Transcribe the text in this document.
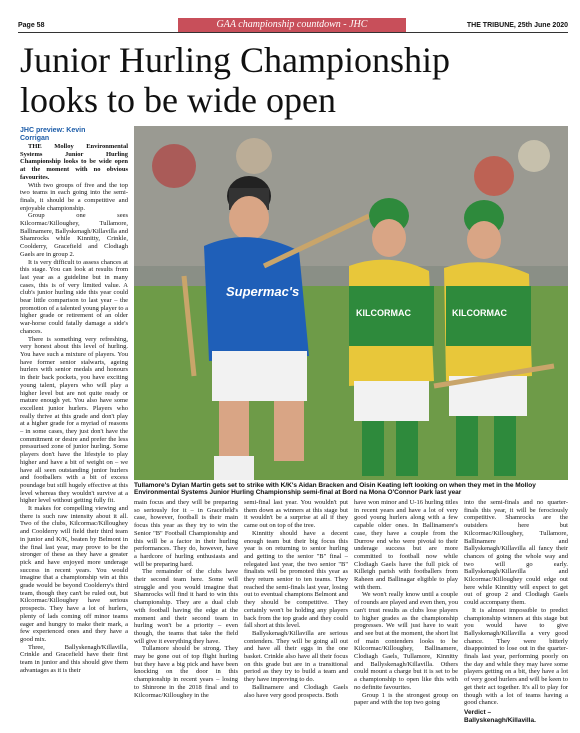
Page 58	GAA championship countdown - JHC	THE TRIBUNE, 25th June 2020
Junior Hurling Championship
looks to be wide open
JHC preview: Kevin
Corrigan

THE Molloy Environmental Systems Junior Hurling Championship looks to be wide open at the moment with no obvious favourites.

With two groups of five and the top two teams in each going into the semi-finals, it should be a competitive and enjoyable championship.

Group one sees Kilcormac/Killoughey, Tullamore, Ballinamere, Ballyskenagh/Killavilla and Shamrocks while Kinnitty, Crinkle, Coolderry, Gracefield and Clodiagh Gaels are in group 2.

It is very difficult to assess chances at this stage. You can look at results from last year as a guideline but in many cases, this is of very limited value. A club's junior hurling side this year could bear little comparison to last year – the promotion of a talented young player to a higher grade or retirement of an older war-horse could fatally damage a side's chances.

There is something very refreshing, very honest about this level of hurling. You have such a mixture of players. You have former senior stalwarts, ageing hurlers with senior medals and honours in their back pockets, you have exciting young talent, players who will play a higher level but are not quite ready or mature enough yet. You also have some excellent junior hurlers. Players who really thrive at this grade and don't play at a higher grade for a myriad of reasons – in some cases, they just don't have the commitment or desire and prefer the less pressurised zone of junior hurling. Some players don't have the lifestyle to play higher and have a bit of weight on – we have all seen outstanding junior hurlers and footballers with a bit of excess poundage but still hugely effective at this level whereas they wouldn't survive at a higher level without getting fully fit.

It makes for compelling viewing and there is such raw intensity about it all. Two of the clubs, Kilcormac/Killoughey and Coolderry will field their third team in junior and K/K, beaten by Belmont in the final last year, may prove to be the stronger of these as they have a greater pick and have enjoyed more underage success in recent years. You would imagine that a championship win at this grade would be beyond Coolderry's third team, though they can't be ruled out, but Kilcormac/Killoughey have serious prospects. They have a lot of hurlers, plenty of lads coming off minor teams eager and hungry to make their mark, a few experienced ones and they have a good mix.

Three, Ballyskenagh/Killavilla, Crinkle and Gracefield have their first team in junior and this should give them advantages as it is their

Supermac's
KILCORMAC	KILCORMAC
Tullamore's Dylan Martin gets set to strike with K/K's Aidan Bracken and Oisin Keating left looking on when they met in the Molloy Environmental Systems Junior Hurling Championship semi-final at Bord na Mona O'Connor Park last year

main focus and they will be preparing so seriously for it – in Gracefield's case, however, football is their main focus this year as they try to win the Senior "B" Football Championship and this will be a factor in their hurling performances. They do, however, have a hardcore of hurling enthusiasts and will be preparing hard.

The remainder of the clubs have their second team here. Some will struggle and you would imagine that Shamrocks will find it hard to win this championship. They are a dual club with football having the edge at the moment and their second team in hurling won't be a priority – even though, the teams that take the field will give it everything they have.

Tullamore should be strong. They may be gone out of top flight hurling but they have a big pick and have been knocking on the door in this championship in recent years – losing to Shinrone in the 2018 final and to Kilcormac/Killoughey in the

semi-final last year. You wouldn't put them down as winners at this stage but it wouldn't be a surprise at all if they came out on top of the tree.

Kinnitty should have a decent enough team but their big focus this year is on returning to senior hurling and getting to the senior "B" final – relegated last year, the two senior "B" finalists will be promoted this year as they return senior to ten teams. They reached the semi-finals last year, losing out to eventual champions Belmont and they should be competitive. They certainly won't be holding any players back from the top grade and they could fall short at this level.

Ballyskenagh/Killavilla are serious contenders. They will be going all out and have all their eggs in the one basket. Crinkle also have all their focus on this grade but are in a transitional period as they try to build a team and they have improving to do.

Ballinamere and Clodiagh Gaels also have very good prospects. Both

have won minor and U-16 hurling titles in recent years and have a lot of very good young hurlers along with a few capable older ones. In Ballinamere's case, they have a couple from the Durrow end who were pivotal to their underage success but are more committed to football now while Clodiagh Gaels have the full pick of Killeigh parish with footballers from Raheen and Ballinagar eligible to play with them.

We won't really know until a couple of rounds are played and even then, you can't trust results as clubs lose players to higher grades as the championship progresses. We will just have to wait and see but at the moment, the short list of main contenders looks to be Kilcormac/Killoughey, Ballinamere, Clodiagh Gaels, Tullamore, Kinnitty and Ballyskenagh/Killavilla. Others could mount a charge but it is set to be a championship to open like this with no definite favourites.

Group 1 is the strongest group on paper and with the top two going

into the semi-finals and no quarter-finals this year, it will be ferociously competitive. Shamrocks are the outsiders here but Kilcormac/Killoughey, Tullamore, Ballinamere and Ballyskenagh/Killavilla all fancy their chances of going the whole way and two will go early. Ballyskenagh/Killavilla and Kilcormac/Killoughey could edge out here while Kinnitty will expect to get out of group 2 and Clodiagh Gaels could accompany them.

It is almost impossible to predict championship winners at this stage but you would have to give Ballyskenagh/Killavilla a very good chance. They were bitterly disappointed to lose out in the quarter-finals last year, performing poorly on the day and while they may have some players getting on a bit, they have a lot of very good hurlers and will be keen to get their act together. It's all to play for though with a lot of teams having a good chance.

Verdict –
Ballyskenagh/Killavilla.
